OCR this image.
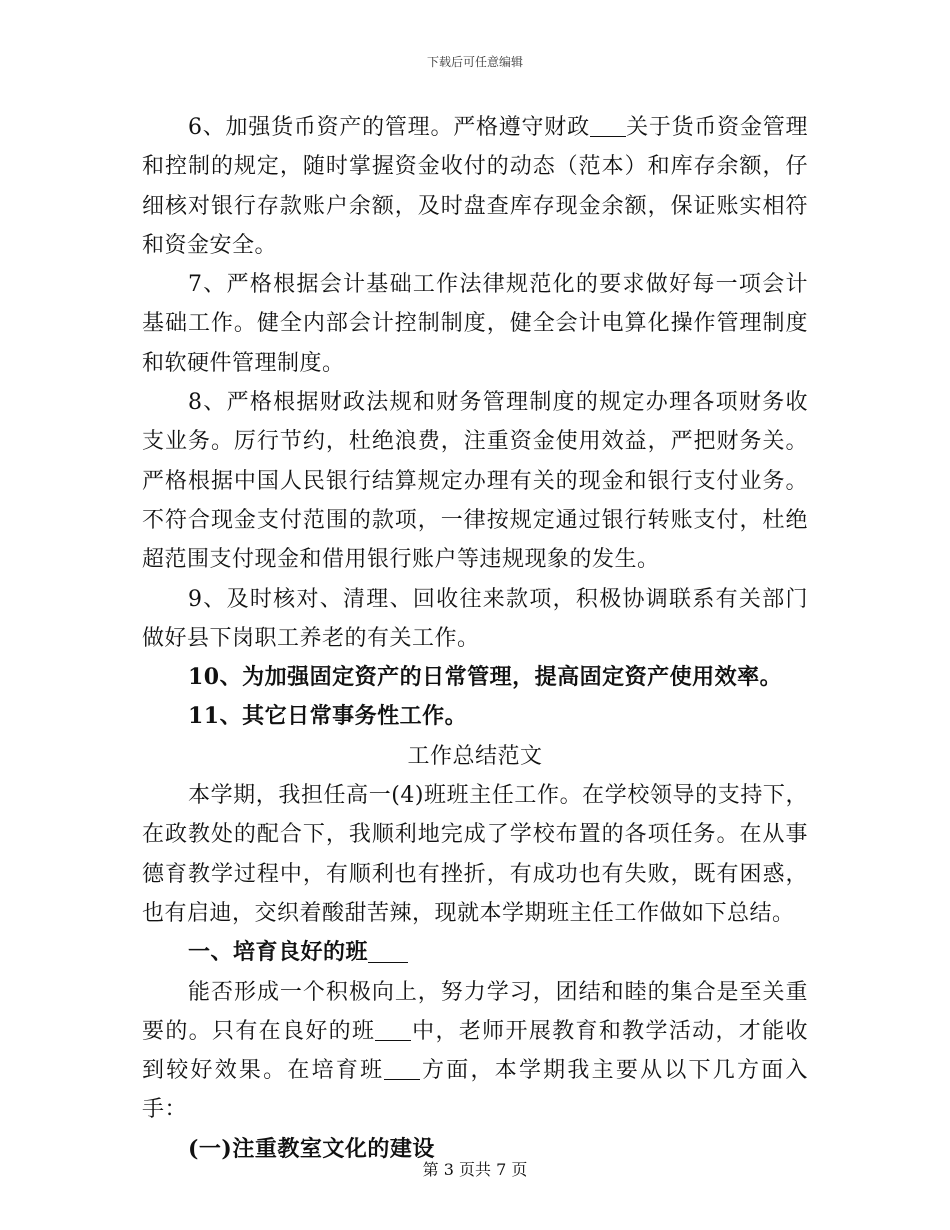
下载后可任意编辑

6、加强货币资产的管理。严格遵守财政 关于货币资金管理和控制的规定，随时掌握资金收付的动态（范本）和库存余额，仔细核对银行存款账户余额，及时盘查库存现金余额，保证账实相符和资金安全。

7、严格根据会计基础工作法律规范化的要求做好每一项会计基础工作。健全内部会计控制制度，健全会计电算化操作管理制度和软硬件管理制度。

8、严格根据财政法规和财务管理制度的规定办理各项财务收支业务。厉行节约，杜绝浪费，注重资金使用效益，严把财务关。严格根据中国人民银行结算规定办理有关的现金和银行支付业务。不符合现金支付范围的款项，一律按规定通过银行转账支付，杜绝超范围支付现金和借用银行账户等违规现象的发生。

9、及时核对、清理、回收往来款项，积极协调联系有关部门做好县下岗职工养老的有关工作。

10、为加强固定资产的日常管理，提高固定资产使用效率。

11、其它日常事务性工作。

工作总结范文

本学期，我担任高一(4)班班主任工作。在学校领导的支持下，在政教处的配合下，我顺利地完成了学校布置的各项任务。在从事德育教学过程中，有顺利也有挫折，有成功也有失败，既有困惑，也有启迪，交织着酸甜苦辣，现就本学期班主任工作做如下总结。

一、培育良好的班

能否形成一个积极向上，努力学习，团结和睦的集合是至关重要的。只有在良好的班 中，老师开展教育和教学活动，才能收到较好效果。在培育班 方面，本学期我主要从以下几方面入手：

(一)注重教室文化的建设

第 3 页共 7 页
